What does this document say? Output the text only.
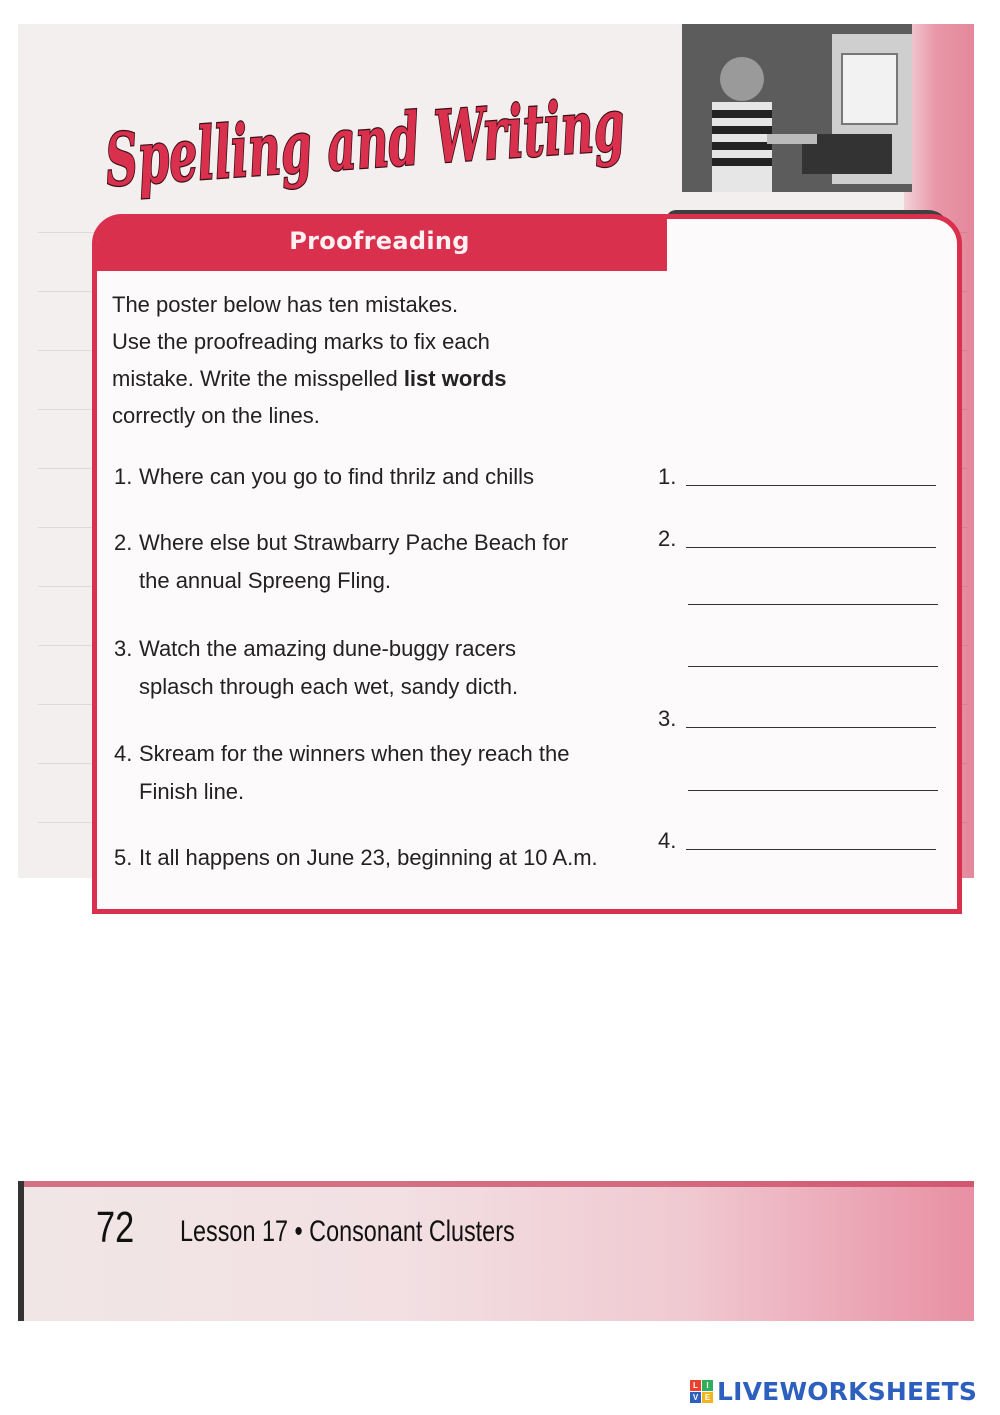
Spelling and Writing
Proofreading
The poster below has ten mistakes.
Use the proofreading marks to fix each
mistake. Write the misspelled list words
correctly on the lines.
1. Where can you go to find thrilz and chills
2. Where else but Strawbarry Pache Beach for
the annual Spreeng Fling.
3. Watch the amazing dune-buggy racers
splasch through each wet, sandy dicth.
4. Skream for the winners when they reach the
Finish line.
5. It all happens on June 23, beginning at 10 A.m.
1.
2.
3.
4.
72 Lesson 17 • Consonant Clusters
L	I
V E LIVEWORKSHEETS
